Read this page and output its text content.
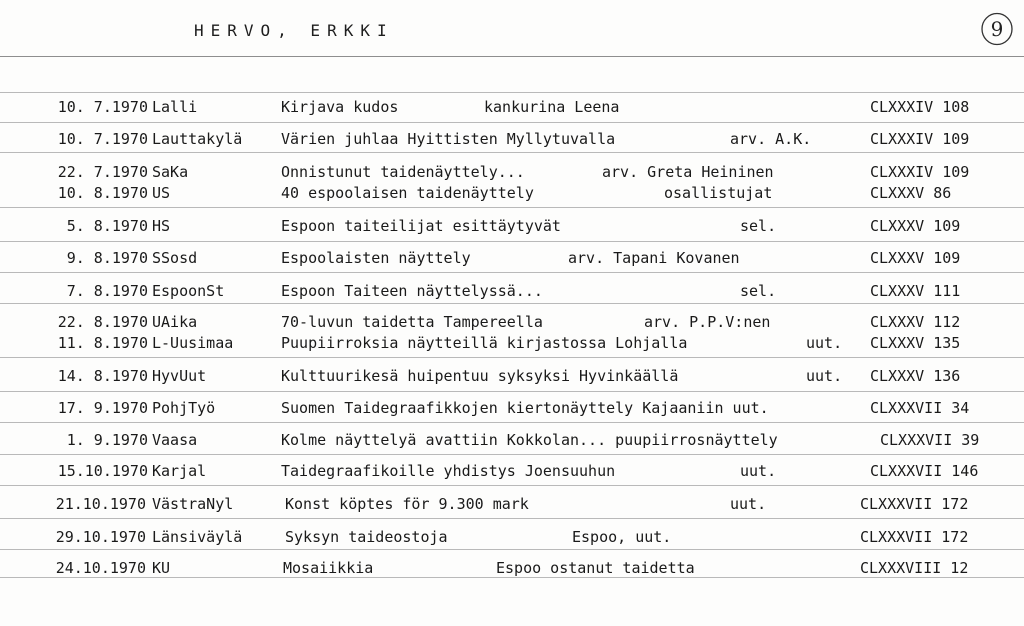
HERVO, ERKKI	9
10. 7.1970 Lalli	Kirjava kudos	kankurina Leena	CLXXXIV 108
10. 7.1970 Lauttakylä	Värien juhlaa Hyittisten Myllytuvalla	arv. A.K.	CLXXXIV 109
22. 7.1970 SaKa	Onnistunut taidenäyttely...	arv. Greta Heininen	CLXXXIV 109
10. 8.1970 US	40 espoolaisen taidenäyttely	osallistujat	CLXXXV 86
5. 8.1970 HS	Espoon taiteilijat esittäytyvät	sel.	CLXXXV 109
9. 8.1970 SSosd	Espoolaisten näyttely	arv. Tapani Kovanen	CLXXXV 109
7. 8.1970 EspoonSt	Espoon Taiteen näyttelyssä...	sel.	CLXXXV 111
22. 8.1970 UAika	70-luvun taidetta Tampereella	arv. P.P.V:nen	CLXXXV 112
11. 8.1970 L-Uusimaa	Puupiirroksia näytteillä kirjastossa Lohjalla	uut. CLXXXV 135
14. 8.1970 HyvUut	Kulttuurikesä huipentuu syksyksi Hyvinkäällä	uut. CLXXXV 136
17. 9.1970 PohjTyö	Suomen Taidegraafikkojen kiertonäyttely Kajaaniin uut.	CLXXXVII 34
1. 9.1970 Vaasa	Kolme näyttelyä avattiin Kokkolan... puupiirrosnäyttely	CLXXXVII 39
15.10.1970 Karjal	Taidegraafikoille yhdistys Joensuuhun	uut.	CLXXXVII 146
21.10.1970 VästraNyl	Konst köptes för 9.300 mark	uut.	CLXXXVII 172
29.10.1970 Länsiväylä	Syksyn taideostoja	Espoo, uut.	CLXXXVII 172
24.10.1970 KU	Mosaiikkia	Espoo ostanut taidetta	CLXXXVIII 12
